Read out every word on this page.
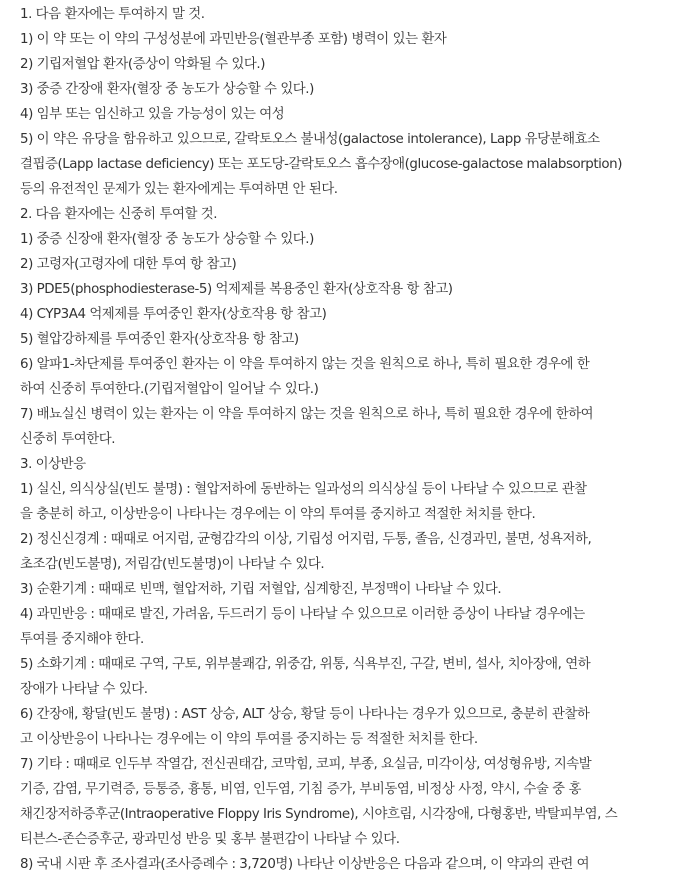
1. 다음 환자에는 투여하지 말 것.
1) 이 약 또는 이 약의 구성성분에 과민반응(혈관부종 포함) 병력이 있는 환자
2) 기립저혈압 환자(증상이 악화될 수 있다.)
3) 중증 간장애 환자(혈장 중 농도가 상승할 수 있다.)
4) 임부 또는 임신하고 있을 가능성이 있는 여성
5) 이 약은 유당을 함유하고 있으므로, 갈락토오스 불내성(galactose intolerance), Lapp 유당분해효소
결핍증(Lapp lactase deficiency) 또는 포도당-갈락토오스 흡수장애(glucose-galactose malabsorption)
등의 유전적인 문제가 있는 환자에게는 투여하면 안 된다.
2. 다음 환자에는 신중히 투여할 것.
1) 중증 신장애 환자(혈장 중 농도가 상승할 수 있다.)
2) 고령자(고령자에 대한 투여 항 참고)
3) PDE5(phosphodiesterase-5) 억제제를 복용중인 환자(상호작용 항 참고)
4) CYP3A4 억제제를 투여중인 환자(상호작용 항 참고)
5) 혈압강하제를 투여중인 환자(상호작용 항 참고)
6) 알파1-차단제를 투여중인 환자는 이 약을 투여하지 않는 것을 원칙으로 하나, 특히 필요한 경우에 한
하여 신중히 투여한다.(기립저혈압이 일어날 수 있다.)
7) 배뇨실신 병력이 있는 환자는 이 약을 투여하지 않는 것을 원칙으로 하나, 특히 필요한 경우에 한하여
신중히 투여한다.
3. 이상반응
1) 실신, 의식상실(빈도 불명) : 혈압저하에 동반하는 일과성의 의식상실 등이 나타날 수 있으므로 관찰
을 충분히 하고, 이상반응이 나타나는 경우에는 이 약의 투여를 중지하고 적절한 처치를 한다.
2) 정신신경계 : 때때로 어지럼, 균형감각의 이상, 기립성 어지럼, 두통, 졸음, 신경과민, 불면, 성욕저하,
초조감(빈도불명), 저림감(빈도불명)이 나타날 수 있다.
3) 순환기계 : 때때로 빈맥, 혈압저하, 기립 저혈압, 심계항진, 부정맥이 나타날 수 있다.
4) 과민반응 : 때때로 발진, 가려움, 두드러기 등이 나타날 수 있으므로 이러한 증상이 나타날 경우에는
투여를 중지해야 한다.
5) 소화기계 : 때때로 구역, 구토, 위부불쾌감, 위중감, 위통, 식욕부진, 구갈, 변비, 설사, 치아장애, 연하
장애가 나타날 수 있다.
6) 간장애, 황달(빈도 불명) : AST 상승, ALT 상승, 황달 등이 나타나는 경우가 있으므로, 충분히 관찰하
고 이상반응이 나타나는 경우에는 이 약의 투여를 중지하는 등 적절한 처치를 한다.
7) 기타 : 때때로 인두부 작열감, 전신권태감, 코막힘, 코피, 부종, 요실금, 미각이상, 여성형유방, 지속발
기증, 감염, 무기력증, 등통증, 흉통, 비염, 인두염, 기침 증가, 부비동염, 비정상 사정, 약시, 수술 중 홍
채긴장저하증후군(Intraoperative Floppy Iris Syndrome), 시야흐림, 시각장애, 다형홍반, 박탈피부염, 스
티븐스-존슨증후군, 광과민성 반응 및 홍부 불편감이 나타날 수 있다.
8) 국내 시판 후 조사결과(조사증례수 : 3,720명) 나타난 이상반응은 다음과 같으며, 이 약과의 관련 여
